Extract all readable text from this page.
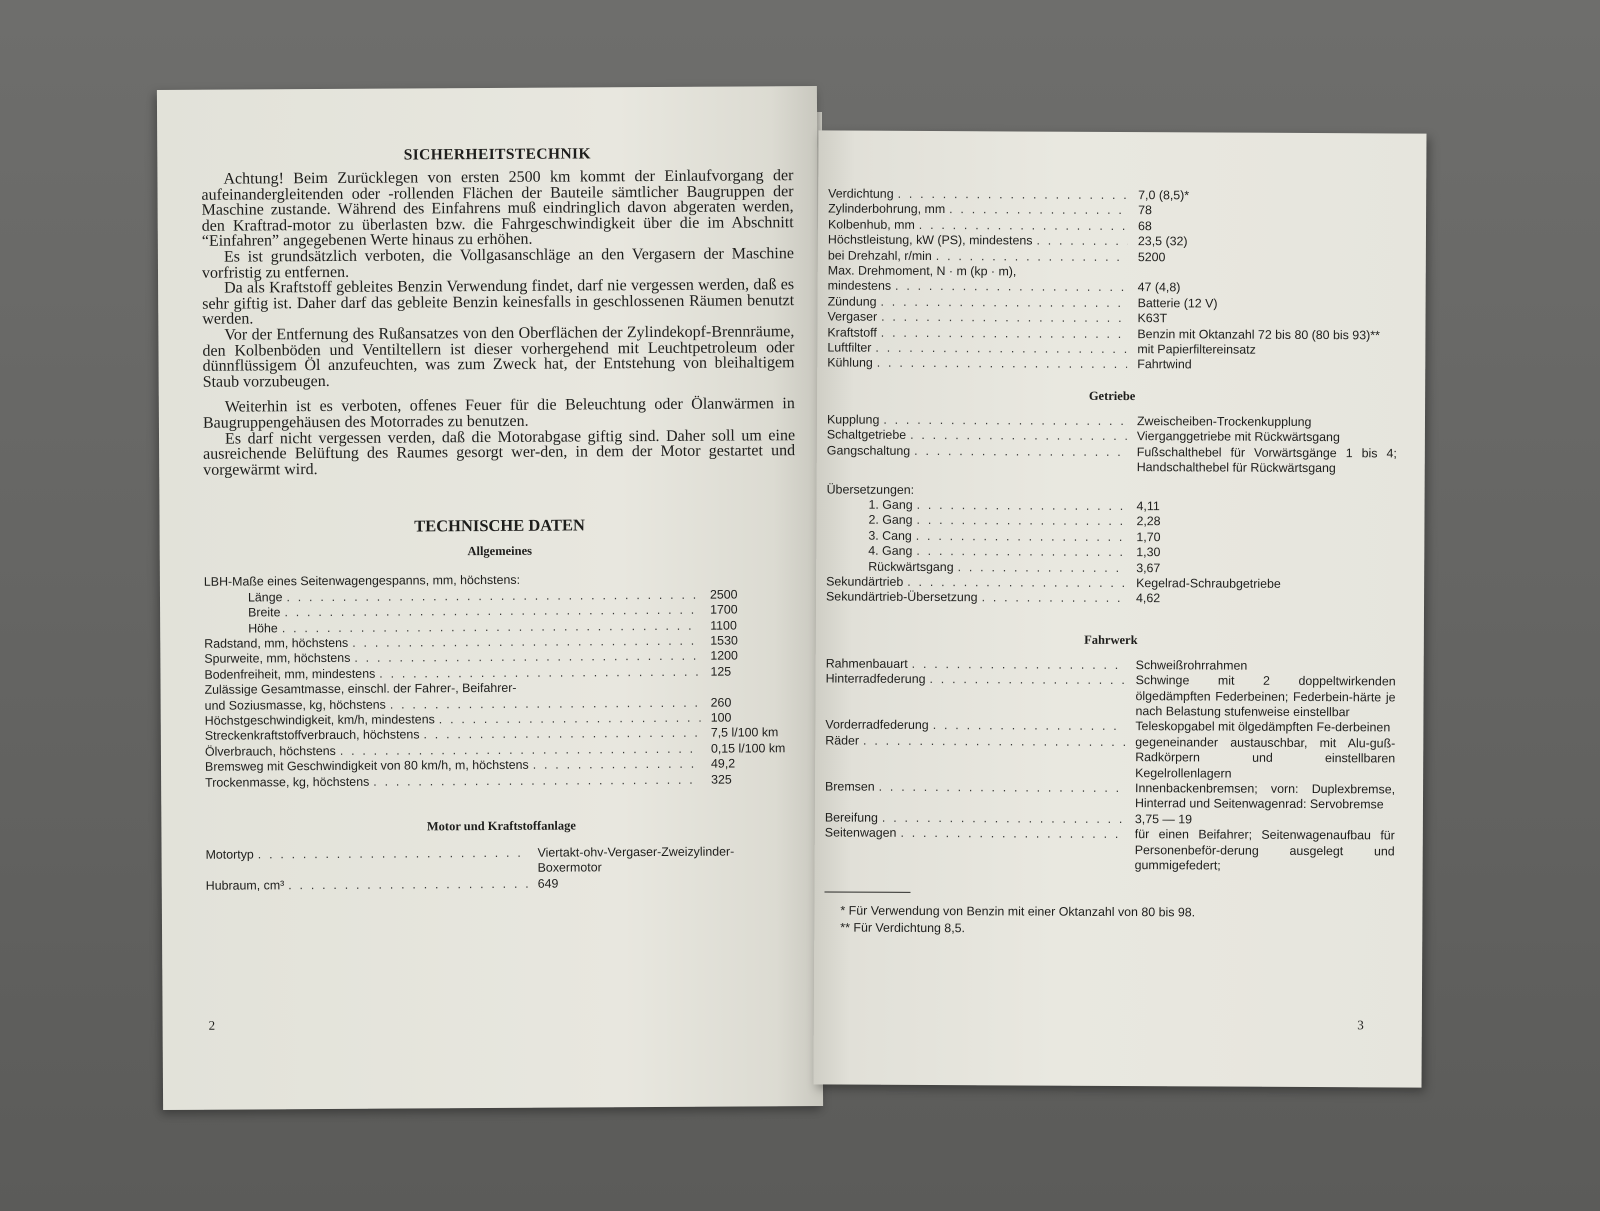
SICHERHEITSTECHNIK

Achtung! Beim Zurücklegen von ersten 2500 km kommt der Einlaufvorgang der aufeinandergleitenden oder -rollenden Flächen der Bauteile sämtlicher Baugruppen der Maschine zustande. Während des Einfahrens muß eindringlich davon abgeraten werden, den Kraftrad-motor zu überlasten bzw. die Fahrgeschwindigkeit über die im Abschnitt “Einfahren” angegebenen Werte hinaus zu erhöhen.

Es ist grundsätzlich verboten, die Vollgasanschläge an den Vergasern der Maschine vorfristig zu entfernen.

Da als Kraftstoff gebleites Benzin Verwendung findet, darf nie vergessen werden, daß es sehr giftig ist. Daher darf das gebleite Benzin keinesfalls in geschlossenen Räumen benutzt werden.

Vor der Entfernung des Rußansatzes von den Oberflächen der Zylindekopf-Brennräume, den Kolbenböden und Ventiltellern ist dieser vorhergehend mit Leuchtpetroleum oder dünnflüssigem Öl anzufeuchten, was zum Zweck hat, der Entstehung von bleihaltigem Staub vorzubeugen.

Weiterhin ist es verboten, offenes Feuer für die Beleuchtung oder Ölanwärmen in Baugruppengehäusen des Motorrades zu benutzen.

Es darf nicht vergessen verden, daß die Motorabgase giftig sind. Daher soll um eine ausreichende Belüftung des Raumes gesorgt wer-den, in dem der Motor gestartet und vorgewärmt wird.

TECHNISCHE DATEN
Allgemeines
LBH-Maße eines Seitenwagengespanns, mm, höchstens:
Länge . . .	2500
Breite . . .	1700
Höhe . . .	1100
Radstand, mm, höchstens . . .	1530
Spurweite, mm, höchstens . . .	1200
Bodenfreiheit, mm, mindestens . . .	125
Zulässige Gesamtmasse, einschl. der Fahrer-, Beifahrer-
und Soziusmasse, kg, höchstens . . .	260
Höchstgeschwindigkeit, km/h, mindestens . . .	100
Streckenkraftstoffverbrauch, höchstens . . .	7,5 l/100 km
Ölverbrauch, höchstens . . .	0,15 l/100 km
Bremsweg mit Geschwindigkeit von 80 km/h, m, höchstens . . .	49,2
Trockenmasse, kg, höchstens . . .	325
Motor und Kraftstoffanlage
Motortyp . . .	Viertakt-ohv-Vergaser-Zweizylinder-Boxermotor
Hubraum, cm³ . . .	649
2
Verdichtung . . .	7,0 (8,5)*
Zylinderbohrung, mm . . .	78
Kolbenhub, mm . . .	68
Höchstleistung, kW (PS), mindestens . . .	23,5 (32)
bei Drehzahl, r/min . . .	5200
Max. Drehmoment, N · m (kp · m),
mindestens . . .	47 (4,8)
Zündung . . .	Batterie (12 V)
Vergaser . . .	K63T
Kraftstoff . . .	Benzin mit Oktanzahl 72 bis 80 (80 bis 93)**
Luftfilter . . .	mit Papierfiltereinsatz
Kühlung . . .	Fahrtwind
Getriebe
Kupplung . . .	Zweischeiben-Trockenkupplung
Schaltgetriebe . . .	Vierganggetriebe mit Rückwärtsgang
Gangschaltung . . .	Fußschalthebel für Vorwärtsgänge 1 bis 4; Handschalthebel für Rückwärtsgang
Übersetzungen:
1. Gang . . .	4,11
2. Gang . . .	2,28
3. Cang . . .	1,70
4. Gang . . .	1,30
Rückwärtsgang . . .	3,67
Sekundärtrieb . . .	Kegelrad-Schraubgetriebe
Sekundärtrieb-Übersetzung . . .	4,62
Fahrwerk
Rahmenbauart . . .	Schweißrohrrahmen
Hinterradfederung . . .	Schwinge mit 2 doppeltwirkenden ölgedämpften Federbeinen; Federbein-härte je nach Belastung stufenweise einstellbar
Vorderradfederung . . .	Teleskopgabel mit ölgedämpften Fe-derbeinen
Räder . . .	gegeneinander austauschbar, mit Alu-guß-Radkörpern und einstellbaren Kegelrollenlagern
Bremsen . . .	Innenbackenbremsen; vorn: Duplexbremse, Hinterrad und Seitenwagenrad: Servobremse
Bereifung . . .	3,75 — 19
Seitenwagen . . .	für einen Beifahrer; Seitenwagenaufbau für Personenbeför-derung ausgelegt und gummigefedert;
* Für Verwendung von Benzin mit einer Oktanzahl von 80 bis 98.
** Für Verdichtung 8,5.
3
